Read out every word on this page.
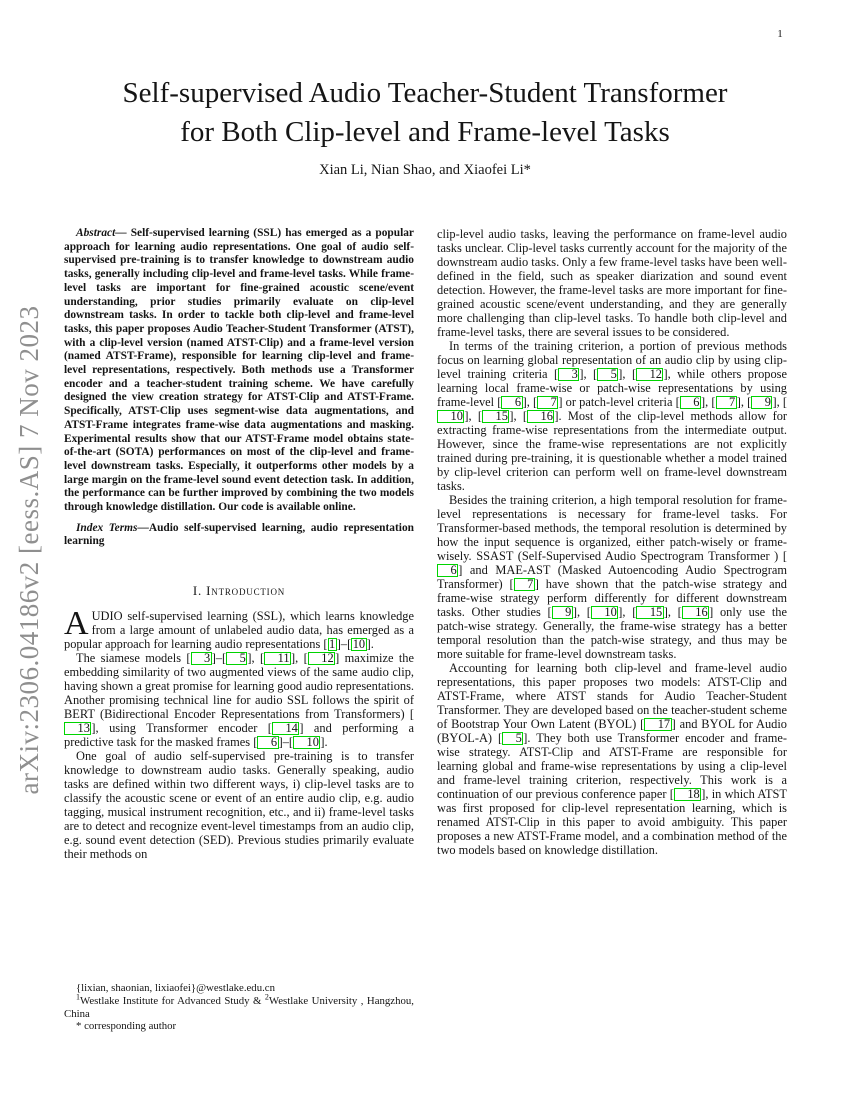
1
arXiv:2306.04186v2 [eess.AS] 7 Nov 2023
Self-supervised Audio Teacher-Student Transformer
for Both Clip-level and Frame-level Tasks
Xian Li, Nian Shao, and Xiaofei Li*

Abstract— Self-supervised learning (SSL) has emerged as a popular approach for learning audio representations. One goal of audio self-supervised pre-training is to transfer knowledge to downstream audio tasks, generally including clip-level and frame-level tasks. While frame-level tasks are important for fine-grained acoustic scene/event understanding, prior studies primarily evaluate on clip-level downstream tasks. In order to tackle both clip-level and frame-level tasks, this paper proposes Audio Teacher-Student Transformer (ATST), with a clip-level version (named ATST-Clip) and a frame-level version (named ATST-Frame), responsible for learning clip-level and frame-level representations, respectively. Both methods use a Transformer encoder and a teacher-student training scheme. We have carefully designed the view creation strategy for ATST-Clip and ATST-Frame. Specifically, ATST-Clip uses segment-wise data augmentations, and ATST-Frame integrates frame-wise data augmentations and masking. Experimental results show that our ATST-Frame model obtains state-of-the-art (SOTA) performances on most of the clip-level and frame-level downstream tasks. Especially, it outperforms other models by a large margin on the frame-level sound event detection task. In addition, the performance can be further improved by combining the two models through knowledge distillation. Our code is available online.

Index Terms—Audio self-supervised learning, audio representation learning

I. Introduction

AUDIO self-supervised learning (SSL), which learns knowledge from a large amount of unlabeled audio data, has emerged as a popular approach for learning audio representations [ 1 ]–[ 10 ].

The siamese models [ 3 ]–[ 5 ], [ 11 ], [ 12 ] maximize the embedding similarity of two augmented views of the same audio clip, having shown a great promise for learning good audio representations. Another promising technical line for audio SSL follows the spirit of BERT (Bidirectional Encoder Representations from Transformers) [13 ], using Transformer encoder [ 14 ] and performing a predictive task for the masked frames [ 6 ]–[ 10 ].

One goal of audio self-supervised pre-training is to transfer knowledge to downstream audio tasks. Generally speaking, audio tasks are defined within two different ways, i) clip-level tasks are to classify the acoustic scene or event of an entire audio clip, e.g. audio tagging, musical instrument recognition, etc., and ii) frame-level tasks are to detect and recognize event-level timestamps from an audio clip, e.g. sound event detection (SED). Previous studies primarily evaluate their methods on

clip-level audio tasks, leaving the performance on frame-level audio tasks unclear. Clip-level tasks currently account for the majority of the downstream audio tasks. Only a few frame-level tasks have been well-defined in the field, such as speaker diarization and sound event detection. However, the frame-level tasks are more important for fine-grained acoustic scene/event understanding, and they are generally more challenging than clip-level tasks. To handle both clip-level and frame-level tasks, there are several issues to be considered.

In terms of the training criterion, a portion of previous methods focus on learning global representation of an audio clip by using clip-level training criteria [ 3 ], [ 5 ], [ 12 ], while others propose learning local frame-wise or patch-wise representations by using frame-level [ 6 ], [ 7 ] or patch-level criteria [ 6 ], [ 7 ], [ 9 ], [10 ], [ 15 ], [ 16 ]. Most of the clip-level methods allow for extracting frame-wise representations from the intermediate output. However, since the frame-wise representations are not explicitly trained during pre-training, it is questionable whether a model trained by clip-level criterion can perform well on frame-level downstream tasks.

Besides the training criterion, a high temporal resolution for frame-level representations is necessary for frame-level tasks. For Transformer-based methods, the temporal resolution is determined by how the input sequence is organized, either patch-wisely or frame-wisely. SSAST (Self-Supervised Audio Spectrogram Transformer ) [6 ] and MAE-AST (Masked Autoencoding Audio Spectrogram Transformer) [ 7 ] have shown that the patch-wise strategy and frame-wise strategy perform differently for different downstream tasks. Other studies [ 9 ], [ 10 ], [ 15 ], [ 16 ] only use the patch-wise strategy. Generally, the frame-wise strategy has a better temporal resolution than the patch-wise strategy, and thus may be more suitable for frame-level downstream tasks.

Accounting for learning both clip-level and frame-level audio representations, this paper proposes two models: ATST-Clip and ATST-Frame, where ATST stands for Audio Teacher-Student Transformer. They are developed based on the teacher-student scheme of Bootstrap Your Own Latent (BYOL) [ 17 ] and BYOL for Audio (BYOL-A) [ 5 ]. They both use Transformer encoder and frame-wise strategy. ATST-Clip and ATST-Frame are responsible for learning global and frame-wise representations by using a clip-level and frame-level training criterion, respectively. This work is a continuation of our previous conference paper [ 18 ], in which ATST was first proposed for clip-level representation learning, which is renamed ATST-Clip in this paper to avoid ambiguity. This paper proposes a new ATST-Frame model, and a combination method of the two models based on knowledge distillation.

{lixian, shaonian, lixiaofei}@westlake.edu.cn

$^1$Westlake Institute for Advanced Study & $^2$Westlake University , Hangzhou, China

* corresponding author
